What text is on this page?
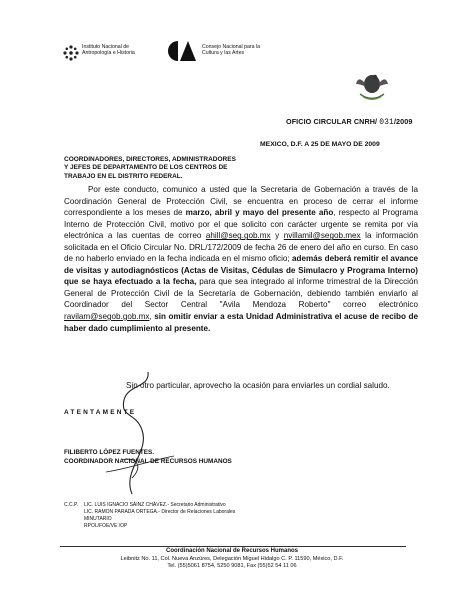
Instituto Nacional de Antropología e Historia
Consejo Nacional para la Cultura y las Artes
OFICIO CIRCULAR CNRH/ 031/2009
MEXICO, D.F. A 25 DE MAYO DE 2009
COORDINADORES, DIRECTORES, ADMINISTRADORES
Y JEFES DE DEPARTAMENTO DE LOS CENTROS DE
TRABAJO EN EL DISTRITO FEDERAL.

Por este conducto, comunico a usted que la Secretaria de Gobernación a través de la Coordinación General de Protección Civil, se encuentra en proceso de cerrar el informe correspondiente a los meses de marzo, abril y mayo del presente año, respecto al Programa Interno de Protección Civil, motivo por el que solicito con carácter urgente se remita por vía electrónica a las cuentas de correo ahill@seg.gob.mx y nvillamil@segob.mex la información solicitada en el Oficio Circular No. DRL/172/2009 de fecha 26 de enero del año en curso. En caso de no haberlo enviado en la fecha indicada en el mismo oficio; además deberá remitir el avance de visitas y autodiagnósticos (Actas de Visitas, Cédulas de Simulacro y Programa Interno) que se haya efectuado a la fecha, para que sea integrado al informe trimestral de la Dirección General de Protección Civil de la Secretaría de Gobernación, debiendo también enviarlo al Coordinador del Sector Central "Avila Mendoza Roberto" correo electrónico ravilam@segob.gob.mx, sin omitir enviar a esta Unidad Administrativa el acuse de recibo de haber dado cumplimiento al presente.

Sin otro particular, aprovecho la ocasión para enviarles un cordial saludo.
ATENTAMENTE
FILIBERTO LÓPEZ FUENTES.
COORDINADOR NACIONAL DE RECURSOS HUMANOS
C.C.P. LIC. LUIS IGNACIO SÁINZ CHÁVEZ.- Secretario Administrativo
LIC. RAMON PARADA ORTEGA.- Director de Relaciones Laborales
MINUTARIO
RPOL/FOE/VE /OP
Coordinación Nacional de Recursos Humanos
Leibnitz No. 11, Col. Nueva Anzúres, Delegación Miguel Hidalgo C. P. 11590, México, D.F.
Tel. (55)5061 8754, 5250 9081, Fax (55)52 54 11 06
